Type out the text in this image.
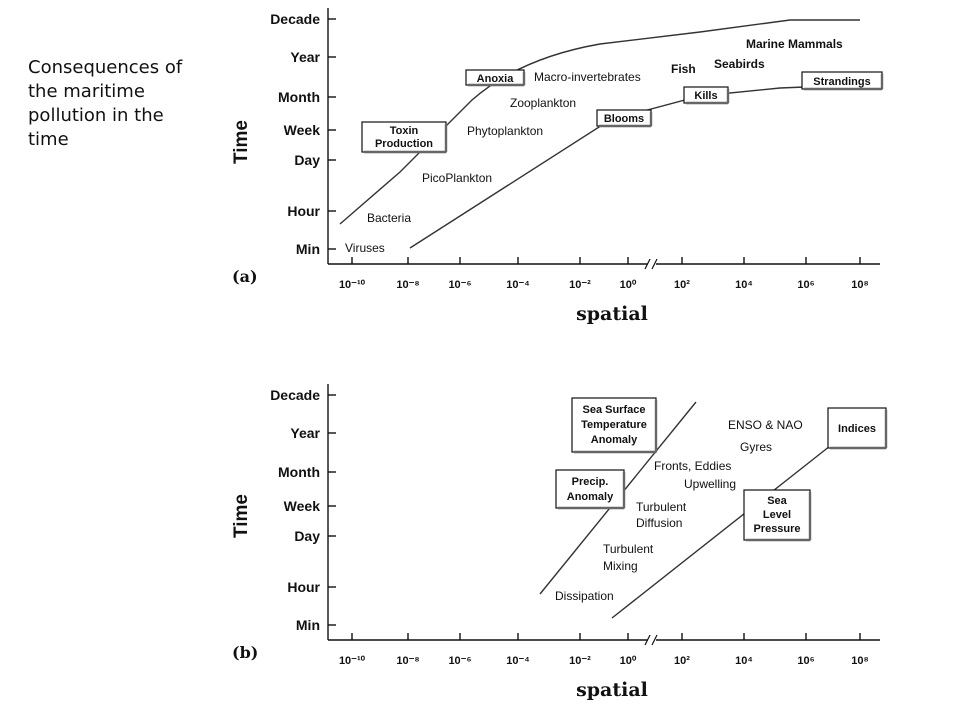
Consequences of
the maritime
pollution in the
time
Min
Hour
Day
Week
Month
Year
Decade
10⁻¹⁰	10⁻⁸	10⁻⁶	10⁻⁴	10⁻²	10⁰	10²	10⁴	10⁶	10⁸
Time
spatial
(a)
Macro-invertebrates
Zooplankton
Phytoplankton
PicoPlankton
Bacteria
Viruses
Fish Seabirds
Marine Mammals
Toxin
Production
Anoxia
Blooms
Kills
Strandings
Min
Hour
Day
Week
Month
Year
Decade
10⁻¹⁰	10⁻⁸	10⁻⁶	10⁻⁴	10⁻²	10⁰	10²	10⁴	10⁶	10⁸
Time
spatial
(b)
ENSO & NAO
Gyres
Fronts, Eddies
Upwelling
Turbulent
Diffusion
Turbulent
Mixing
Dissipation
Sea Surface
Temperature
Anomaly
Precip.
Anomaly
Indices
Sea
Level
Pressure
